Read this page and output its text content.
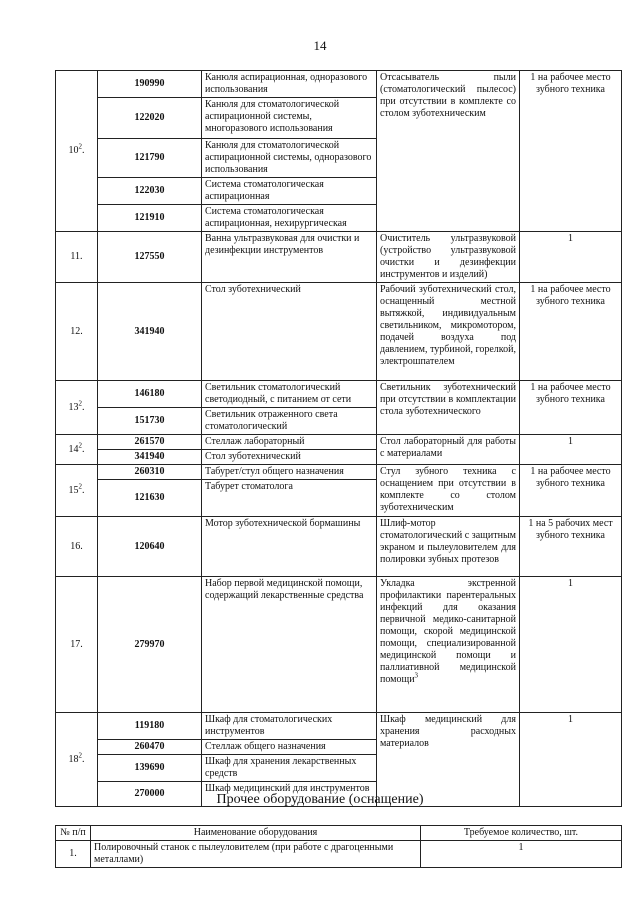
14
$10^2$.	190990	Канюля аспирационная, одноразового использования	Отсасыватель пыли (стоматологический пылесос) при отсутствии в комплекте со столом зуботехническим	1 на рабочее место зубного техника
	122020	Канюля для стоматологической аспирационной системы, многоразового использования		
	121790	Канюля для стоматологической аспирационной системы, одноразового использования		
	122030	Система стоматологическая аспирационная		
	121910	Система стоматологическая аспирационная, нехирургическая		
11.	127550	Ванна ультразвуковая для очистки и дезинфекции инструментов	Очиститель ультразвуковой (устройство ультразвуковой очистки и дезинфекции инструментов и изделий)	1
12.	341940	Стол зуботехнический	Рабочий зуботехнический стол, оснащенный местной вытяжкой, индивидуальным светильником, микромотором, подачей воздуха под давлением, турбиной, горелкой, электрошпателем	1 на рабочее место зубного техника
$13^2$.	146180	Светильник стоматологический светодиодный, с питанием от сети	Светильник зуботехнический при отсутствии в комплектации стола зуботехнического	1 на рабочее место зубного техника
	151730	Светильник отраженного света стоматологический		
$14^2$.	261570	Стеллаж лабораторный	Стол лабораторный для работы с материалами	1
	341940	Стол зуботехнический		
$15^2$.	260310	Табурет/стул общего назначения	Стул зубного техника с оснащением при отсутствии в комплекте со столом зуботехническим	1 на рабочее место зубного техника
	121630	Табурет стоматолога		
16.	120640	Мотор зуботехнической бормашины	Шлиф-мотор стоматологический с защитным экраном и пылеуловителем для полировки зубных протезов	1 на 5 рабочих мест зубного техника
17.	279970	Набор первой медицинской помощи, содержащий лекарственные средства	Укладка экстренной профилактики парентеральных инфекций для оказания первичной медико-санитарной помощи, скорой медицинской помощи, специализированной медицинской помощи и паллиативной медицинской помощи$^3$	1
$18^2$.	119180	Шкаф для стоматологических инструментов	Шкаф медицинский для хранения расходных материалов	1
	260470	Стеллаж общего назначения		
	139690	Шкаф для хранения лекарственных средств		
	270000	Шкаф медицинский для инструментов		
Прочее оборудование (оснащение)
№ п/п	Наименование оборудования	Требуемое количество, шт.
1.	Полировочный станок с пылеуловителем (при работе с драгоценными металлами)	1
